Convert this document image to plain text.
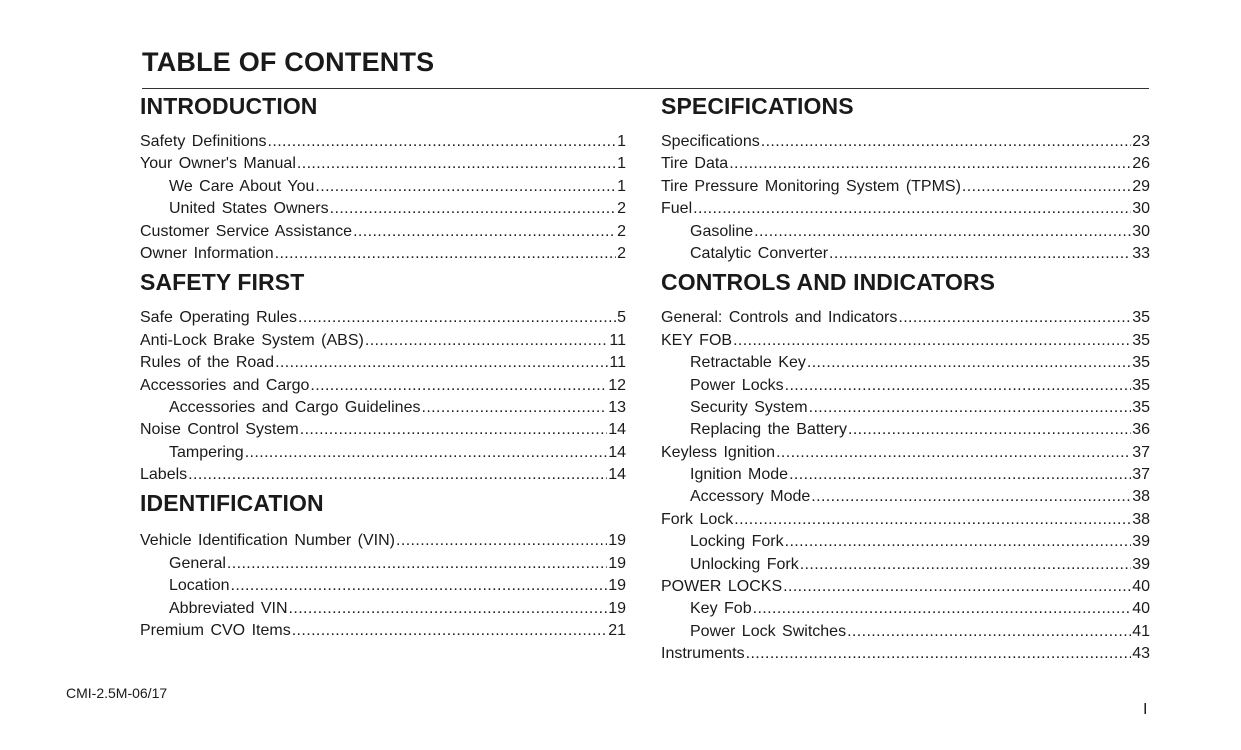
TABLE OF CONTENTS
INTRODUCTION
Safety Definitions .....	1
Your Owner's Manual .....	1
We Care About You .....	1
United States Owners .....	2
Customer Service Assistance .....	2
Owner Information .....	2
SAFETY FIRST
Safe Operating Rules .....	5
Anti-Lock Brake System (ABS) .....	11
Rules of the Road .....	11
Accessories and Cargo .....	12
Accessories and Cargo Guidelines .....	13
Noise Control System .....	14
Tampering .....	14
Labels .....	14
IDENTIFICATION
Vehicle Identification Number (VIN) .....	19
General .....	19
Location .....	19
Abbreviated VIN .....	19
Premium CVO Items .....	21
SPECIFICATIONS
Specifications .....	23
Tire Data .....	26
Tire Pressure Monitoring System (TPMS) .....	29
Fuel .....	30
Gasoline .....	30
Catalytic Converter .....	33
CONTROLS AND INDICATORS
General: Controls and Indicators .....	35
KEY FOB .....	35
Retractable Key .....	35
Power Locks .....	35
Security System .....	35
Replacing the Battery .....	36
Keyless Ignition .....	37
Ignition Mode .....	37
Accessory Mode .....	38
Fork Lock .....	38
Locking Fork .....	39
Unlocking Fork .....	39
POWER LOCKS .....	40
Key Fob .....	40
Power Lock Switches .....	41
Instruments .....	43
CMI-2.5M-06/17
I
